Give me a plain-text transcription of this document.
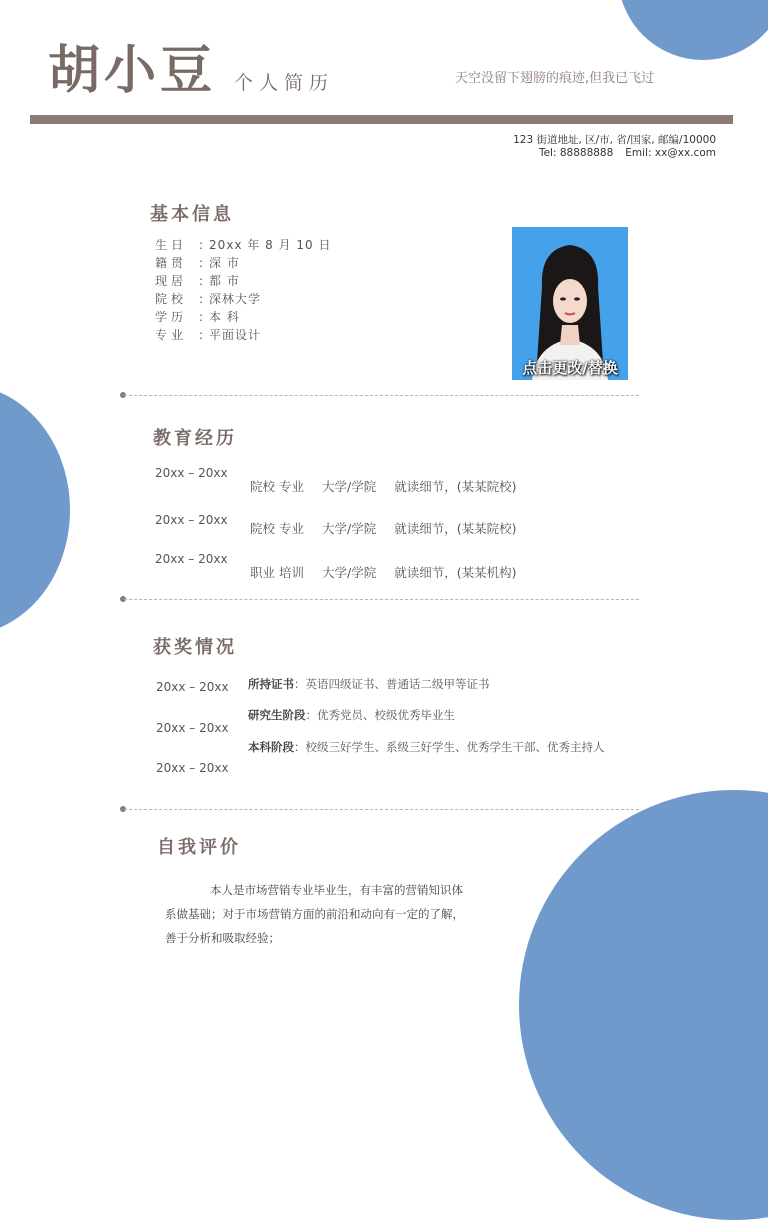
胡小豆 个人简历	天空没留下翅膀的痕迹,但我已飞过
123 街道地址, 区/市, 省/国家, 邮编/10000
Tel: 88888888 Emil: xx@xx.com
基本信息
生日 : 20xx 年 8 月 10 日
籍贯 : 深 市
现居 : 都 市
院校 : 深林大学
学历 : 本 科
专业 : 平面设计
点击更改/替换
教育经历
20xx – 20xx
院校 专业 大学/学院 就读细节，(某某院校)
20xx – 20xx
院校 专业 大学/学院 就读细节，(某某院校)
20xx – 20xx
职业 培训 大学/学院 就读细节，(某某机构)
获奖情况
20xx – 20xx
20xx – 20xx
20xx – 20xx
所持证书：英语四级证书、普通话二级甲等证书
研究生阶段：优秀党员、校级优秀毕业生
本科阶段：校级三好学生、系级三好学生、优秀学生干部、优秀主持人
自我评价
本人是市场营销专业毕业生，有丰富的营销知识体
系做基础；对于市场营销方面的前沿和动向有一定的了解，
善于分析和吸取经验；
